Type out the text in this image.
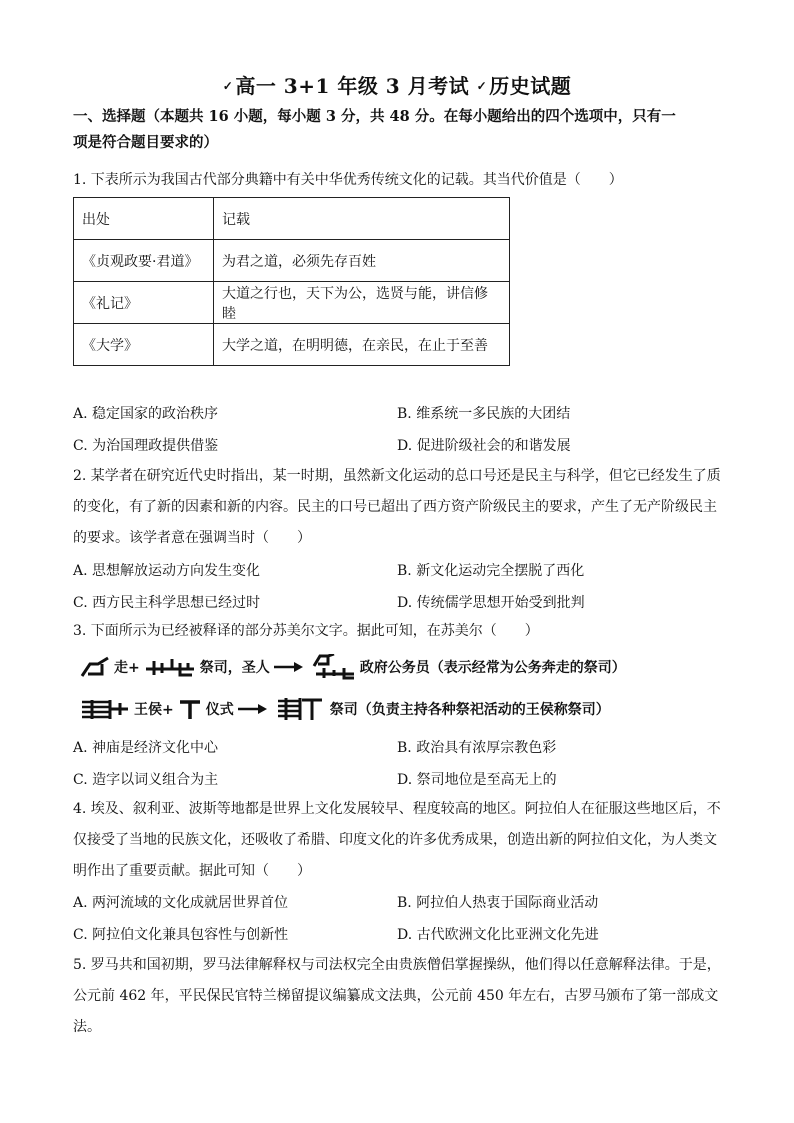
✓ 高一 3+1 年级 3 月考试 ✓ 历史试题
一、选择题（本题共 16 小题，每小题 3 分，共 48 分。在每小题给出的四个选项中，只有一
项是符合题目要求的）
1. 下表所示为我国古代部分典籍中有关中华优秀传统文化的记载。其当代价值是（　　）
出处	记载
《贞观政要·君道》	为君之道，必须先存百姓
《礼记》	大道之行也，天下为公，选贤与能，讲信修睦
《大学》	大学之道，在明明德，在亲民，在止于至善
A. 稳定国家的政治秩序	B. 维系统一多民族的大团结
C. 为治国理政提供借鉴	D. 促进阶级社会的和谐发展
2. 某学者在研究近代史时指出，某一时期，虽然新文化运动的总口号还是民主与科学，但它已经发生了质
的变化，有了新的因素和新的内容。民主的口号已超出了西方资产阶级民主的要求，产生了无产阶级民主
的要求。该学者意在强调当时（　　）
A. 思想解放运动方向发生变化	B. 新文化运动完全摆脱了西化
C. 西方民主科学思想已经过时	D. 传统儒学思想开始受到批判
3. 下面所示为已经被释译的部分苏美尔文字。据此可知，在苏美尔（　　）
走+	祭司，圣人	政府公务员（表示经常为公务奔走的祭司）
王侯+ 仪式	祭司（负责主持各种祭祀活动的王侯称祭司）
A. 神庙是经济文化中心	B. 政治具有浓厚宗教色彩
C. 造字以词义组合为主	D. 祭司地位是至高无上的
4. 埃及、叙利亚、波斯等地都是世界上文化发展较早、程度较高的地区。阿拉伯人在征服这些地区后，不
仅接受了当地的民族文化，还吸收了希腊、印度文化的许多优秀成果，创造出新的阿拉伯文化，为人类文
明作出了重要贡献。据此可知（　　）
A. 两河流域的文化成就居世界首位	B. 阿拉伯人热衷于国际商业活动
C. 阿拉伯文化兼具包容性与创新性	D. 古代欧洲文化比亚洲文化先进
5. 罗马共和国初期，罗马法律解释权与司法权完全由贵族僧侣掌握操纵，他们得以任意解释法律。于是，
公元前 462 年，平民保民官特兰梯留提议编纂成文法典，公元前 450 年左右，古罗马颁布了第一部成文法。
